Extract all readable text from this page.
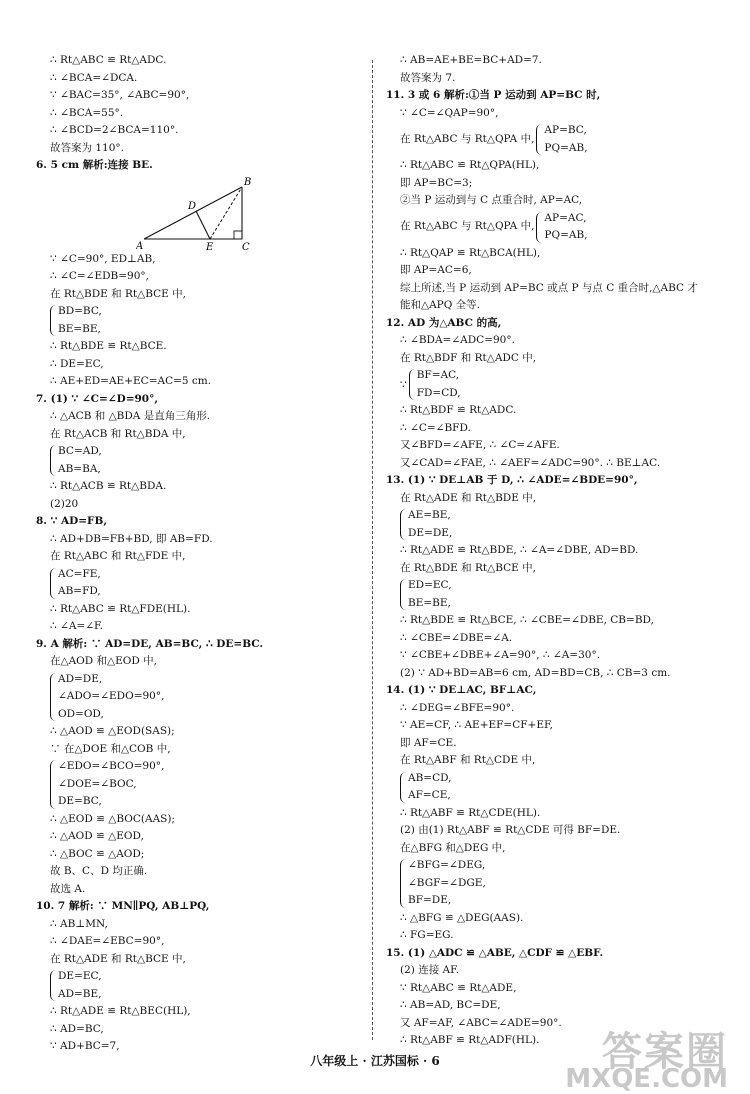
∴ Rt△ABC ≌ Rt△ADC.
∴ ∠BCA=∠DCA.
∵ ∠BAC=35°, ∠ABC=90°,
∴ ∠BCA=55°.
∴ ∠BCD=2∠BCA=110°.
故答案为 110°.
6. 5 cm 解析:连接 BE.
A
B
C
D
E
∵ ∠C=90°, ED⊥AB,
∴ ∠C=∠EDB=90°,
在 Rt△BDE 和 Rt△BCE 中,
BD=BC,
BE=BE,
∴ Rt△BDE ≌ Rt△BCE.
∴ DE=EC,
∴ AE+ED=AE+EC=AC=5 cm.
7. (1) ∵ ∠C=∠D=90°,
∴ △ACB 和 △BDA 是直角三角形.
在 Rt△ACB 和 Rt△BDA 中,
BC=AD,
AB=BA,
∴ Rt△ACB ≌ Rt△BDA.
(2)20
8. ∵ AD=FB,
∴ AD+DB=FB+BD, 即 AB=FD.
在 Rt△ABC 和 Rt△FDE 中,
AC=FE,
AB=FD,
∴ Rt△ABC ≌ Rt△FDE(HL).
∴ ∠A=∠F.
9. A 解析: ∵ AD=DE, AB=BC, ∴ DE=BC.
在△AOD 和△EOD 中,
AD=DE,
∠ADO=∠EDO=90°,
OD=OD,
∴ △AOD ≌ △EOD(SAS);
∵ 在△DOE 和△COB 中,
∠EDO=∠BCO=90°,
∠DOE=∠BOC,
DE=BC,
∴ △EOD ≌ △BOC(AAS);
∴ △AOD ≌ △EOD,
∴ △BOC ≌ △AOD;
故 B、C、D 均正确.
故选 A.
10. 7 解析: ∵ MN∥PQ, AB⊥PQ,
∴ AB⊥MN,
∴ ∠DAE=∠EBC=90°,
在 Rt△ADE 和 Rt△BCE 中,
DE=EC,
AD=BE,
∴ Rt△ADE ≌ Rt△BEC(HL),
∴ AD=BC,
∵ AD+BC=7,
∴ AB=AE+BE=BC+AD=7.
故答案为 7.
11. 3 或 6 解析:①当 P 运动到 AP=BC 时,
∵ ∠C=∠QAP=90°,
在 Rt△ABC 与 Rt△QPA 中,
AP=BC,
PQ=AB,
∴ Rt△ABC ≌ Rt△QPA(HL),
即 AP=BC=3;
②当 P 运动到与 C 点重合时, AP=AC,
在 Rt△ABC 与 Rt△QPA 中,
AP=AC,
PQ=AB,
∴ Rt△QAP ≌ Rt△BCA(HL),
即 AP=AC=6,
综上所述,当 P 运动到 AP=BC 或点 P 与点 C 重合时,△ABC 才
能和△APQ 全等.
12. AD 为△ABC 的高,
∴ ∠BDA=∠ADC=90°.
在 Rt△BDF 和 Rt△ADC 中,
∵
BF=AC,
FD=CD,
∴ Rt△BDF ≌ Rt△ADC.
∴ ∠C=∠BFD.
又∠BFD=∠AFE, ∴ ∠C=∠AFE.
又∠CAD=∠FAE, ∴ ∠AEF=∠ADC=90°. ∴ BE⊥AC.
13. (1) ∵ DE⊥AB 于 D, ∴ ∠ADE=∠BDE=90°,
在 Rt△ADE 和 Rt△BDE 中,
AE=BE,
DE=DE,
∴ Rt△ADE ≌ Rt△BDE, ∴ ∠A=∠DBE, AD=BD.
在 Rt△BDE 和 Rt△BCE 中,
ED=EC,
BE=BE,
∴ Rt△BDE ≌ Rt△BCE, ∴ ∠CBE=∠DBE, CB=BD,
∴ ∠CBE=∠DBE=∠A.
∵ ∠CBE+∠DBE+∠A=90°, ∴ ∠A=30°.
(2) ∵ AD+BD=AB=6 cm, AD=BD=CB, ∴ CB=3 cm.
14. (1) ∵ DE⊥AC, BF⊥AC,
∴ ∠DEG=∠BFE=90°.
∵ AE=CF, ∴ AE+EF=CF+EF,
即 AF=CE.
在 Rt△ABF 和 Rt△CDE 中,
AB=CD,
AF=CE,
∴ Rt△ABF ≌ Rt△CDE(HL).
(2) 由(1) Rt△ABF ≌ Rt△CDE 可得 BF=DE.
在△BFG 和△DEG 中,
∠BFG=∠DEG,
∠BGF=∠DGE,
BF=DE,
∴ △BFG ≌ △DEG(AAS).
∴ FG=EG.
15. (1) △ADC ≌ △ABE, △CDF ≌ △EBF.
(2) 连接 AF.
∵ Rt△ABC ≌ Rt△ADE,
∴ AB=AD, BC=DE,
又 AF=AF, ∠ABC=∠ADE=90°.
∴ Rt△ABF ≌ Rt△ADF(HL).
八年级上 · 江苏国标 · 6	答案圈
MXQE.COM
